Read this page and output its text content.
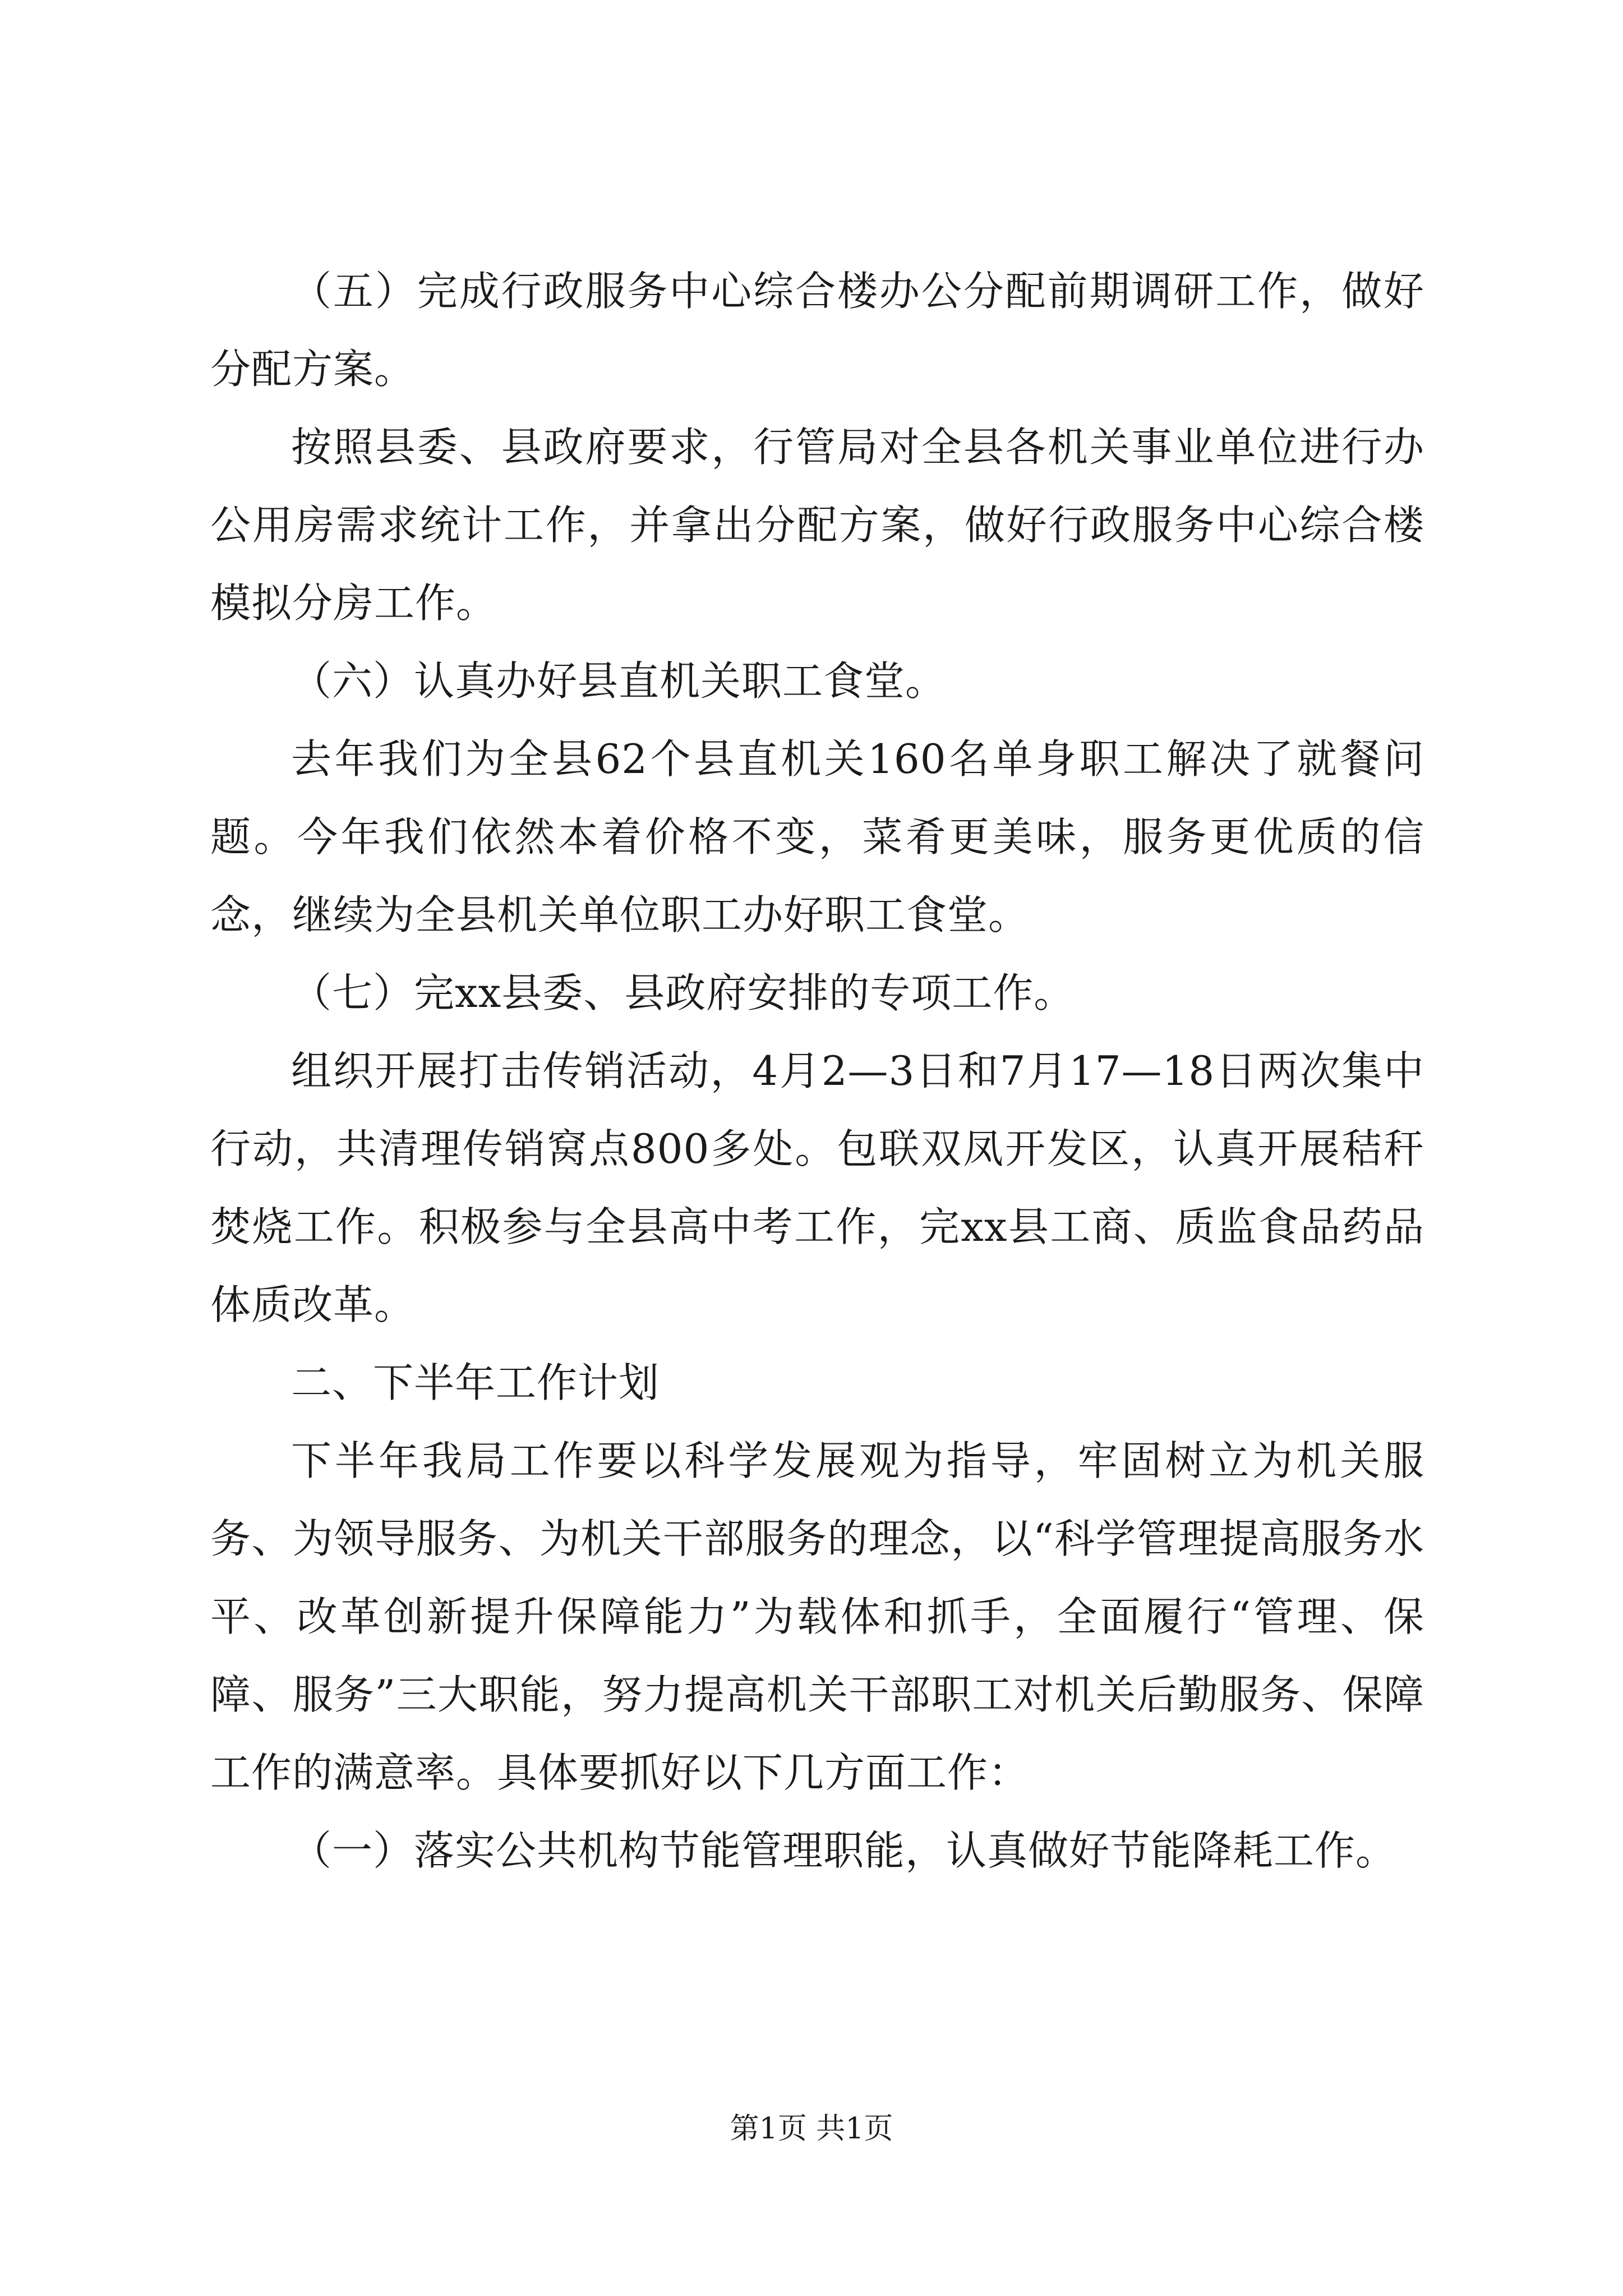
（五）完成行政服务中心综合楼办公分配前期调研工作，做好分配方案。

按照县委、县政府要求，行管局对全县各机关事业单位进行办公用房需求统计工作，并拿出分配方案，做好行政服务中心综合楼模拟分房工作。

（六）认真办好县直机关职工食堂。

去年我们为全县62个县直机关160名单身职工解决了就餐问题。今年我们依然本着价格不变，菜肴更美味，服务更优质的信念，继续为全县机关单位职工办好职工食堂。

（七）完xx县委、县政府安排的专项工作。

组织开展打击传销活动，4月2—3日和7月17—18日两次集中行动，共清理传销窝点800多处。包联双凤开发区，认真开展秸秆焚烧工作。积极参与全县高中考工作，完xx县工商、质监食品药品体质改革。

二、下半年工作计划

下半年我局工作要以科学发展观为指导，牢固树立为机关服务、为领导服务、为机关干部服务的理念，以“科学管理提高服务水平、改革创新提升保障能力”为载体和抓手，全面履行“管理、保障、服务”三大职能，努力提高机关干部职工对机关后勤服务、保障工作的满意率。具体要抓好以下几方面工作：

（一）落实公共机构节能管理职能，认真做好节能降耗工作。

第1页 共1页
